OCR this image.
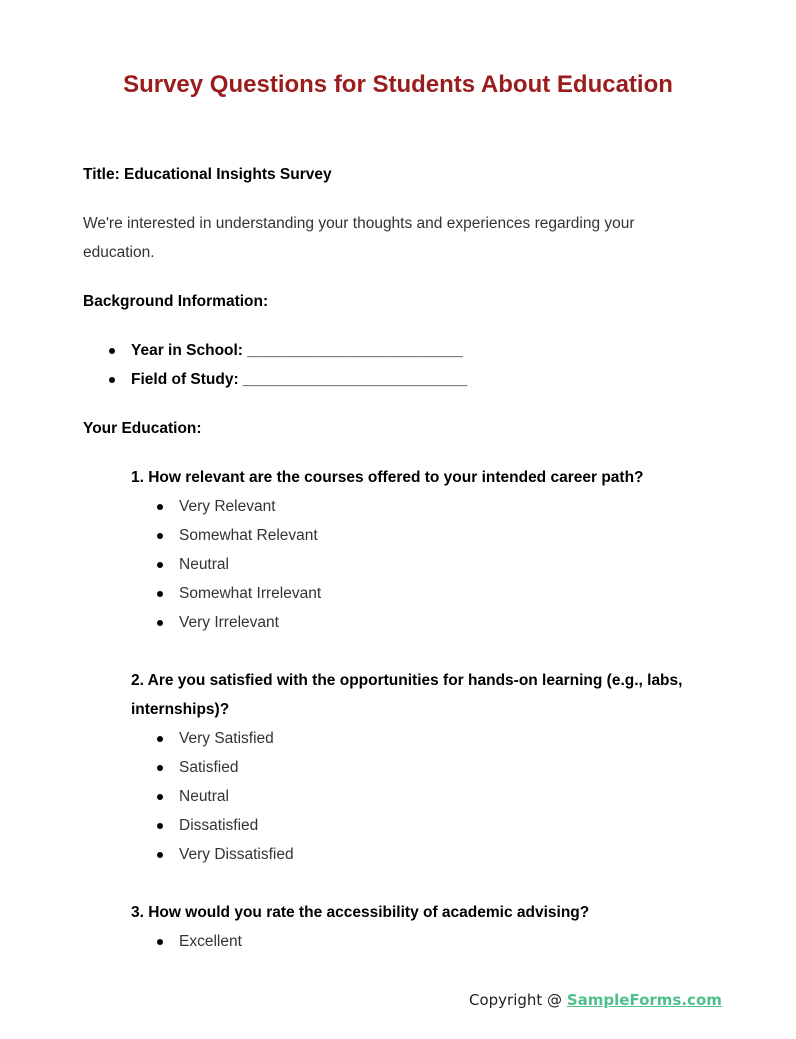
Survey Questions for Students About Education

Title: Educational Insights Survey

We're interested in understanding your thoughts and experiences regarding your education.

Background Information:

Year in School: _________________________
Field of Study: __________________________

Your Education:

1. How relevant are the courses offered to your intended career path?
Very Relevant
Somewhat Relevant
Neutral
Somewhat Irrelevant
Very Irrelevant
2. Are you satisfied with the opportunities for hands-on learning (e.g., labs, internships)?
Very Satisfied
Satisfied
Neutral
Dissatisfied
Very Dissatisfied
3. How would you rate the accessibility of academic advising?
Excellent
Copyright @ SampleForms.com
